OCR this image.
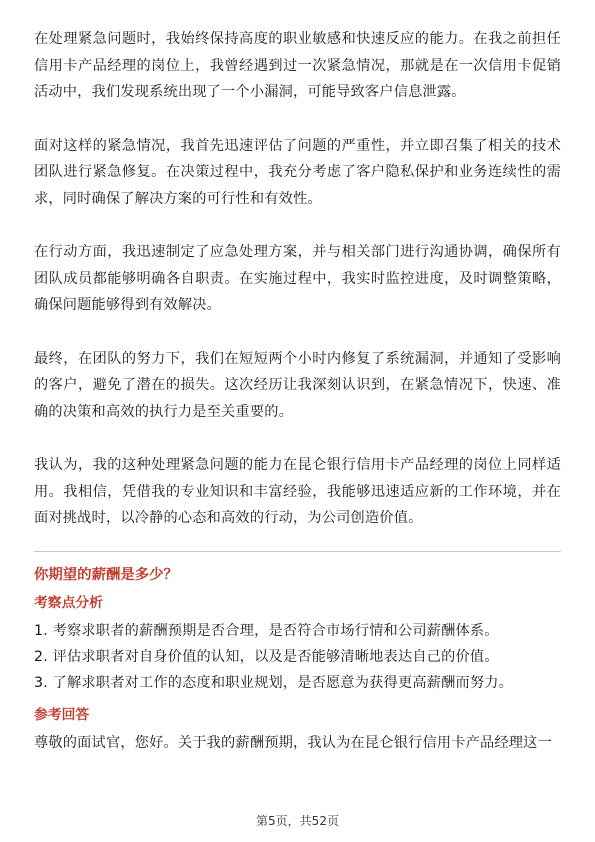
在处理紧急问题时，我始终保持高度的职业敏感和快速反应的能力。在我之前担任信用卡产品经理的岗位上，我曾经遇到过一次紧急情况，那就是在一次信用卡促销活动中，我们发现系统出现了一个小漏洞，可能导致客户信息泄露。

面对这样的紧急情况，我首先迅速评估了问题的严重性，并立即召集了相关的技术团队进行紧急修复。在决策过程中，我充分考虑了客户隐私保护和业务连续性的需求，同时确保了解决方案的可行性和有效性。

在行动方面，我迅速制定了应急处理方案，并与相关部门进行沟通协调，确保所有团队成员都能够明确各自职责。在实施过程中，我实时监控进度，及时调整策略，确保问题能够得到有效解决。

最终，在团队的努力下，我们在短短两个小时内修复了系统漏洞，并通知了受影响的客户，避免了潜在的损失。这次经历让我深刻认识到，在紧急情况下，快速、准确的决策和高效的执行力是至关重要的。

我认为，我的这种处理紧急问题的能力在昆仑银行信用卡产品经理的岗位上同样适用。我相信，凭借我的专业知识和丰富经验，我能够迅速适应新的工作环境，并在面对挑战时，以冷静的心态和高效的行动，为公司创造价值。

你期望的薪酬是多少？
考察点分析
1. 考察求职者的薪酬预期是否合理，是否符合市场行情和公司薪酬体系。
2. 评估求职者对自身价值的认知，以及是否能够清晰地表达自己的价值。
3. 了解求职者对工作的态度和职业规划，是否愿意为获得更高薪酬而努力。
参考回答

尊敬的面试官，您好。关于我的薪酬预期，我认为在昆仑银行信用卡产品经理这一

第5页，共52页
